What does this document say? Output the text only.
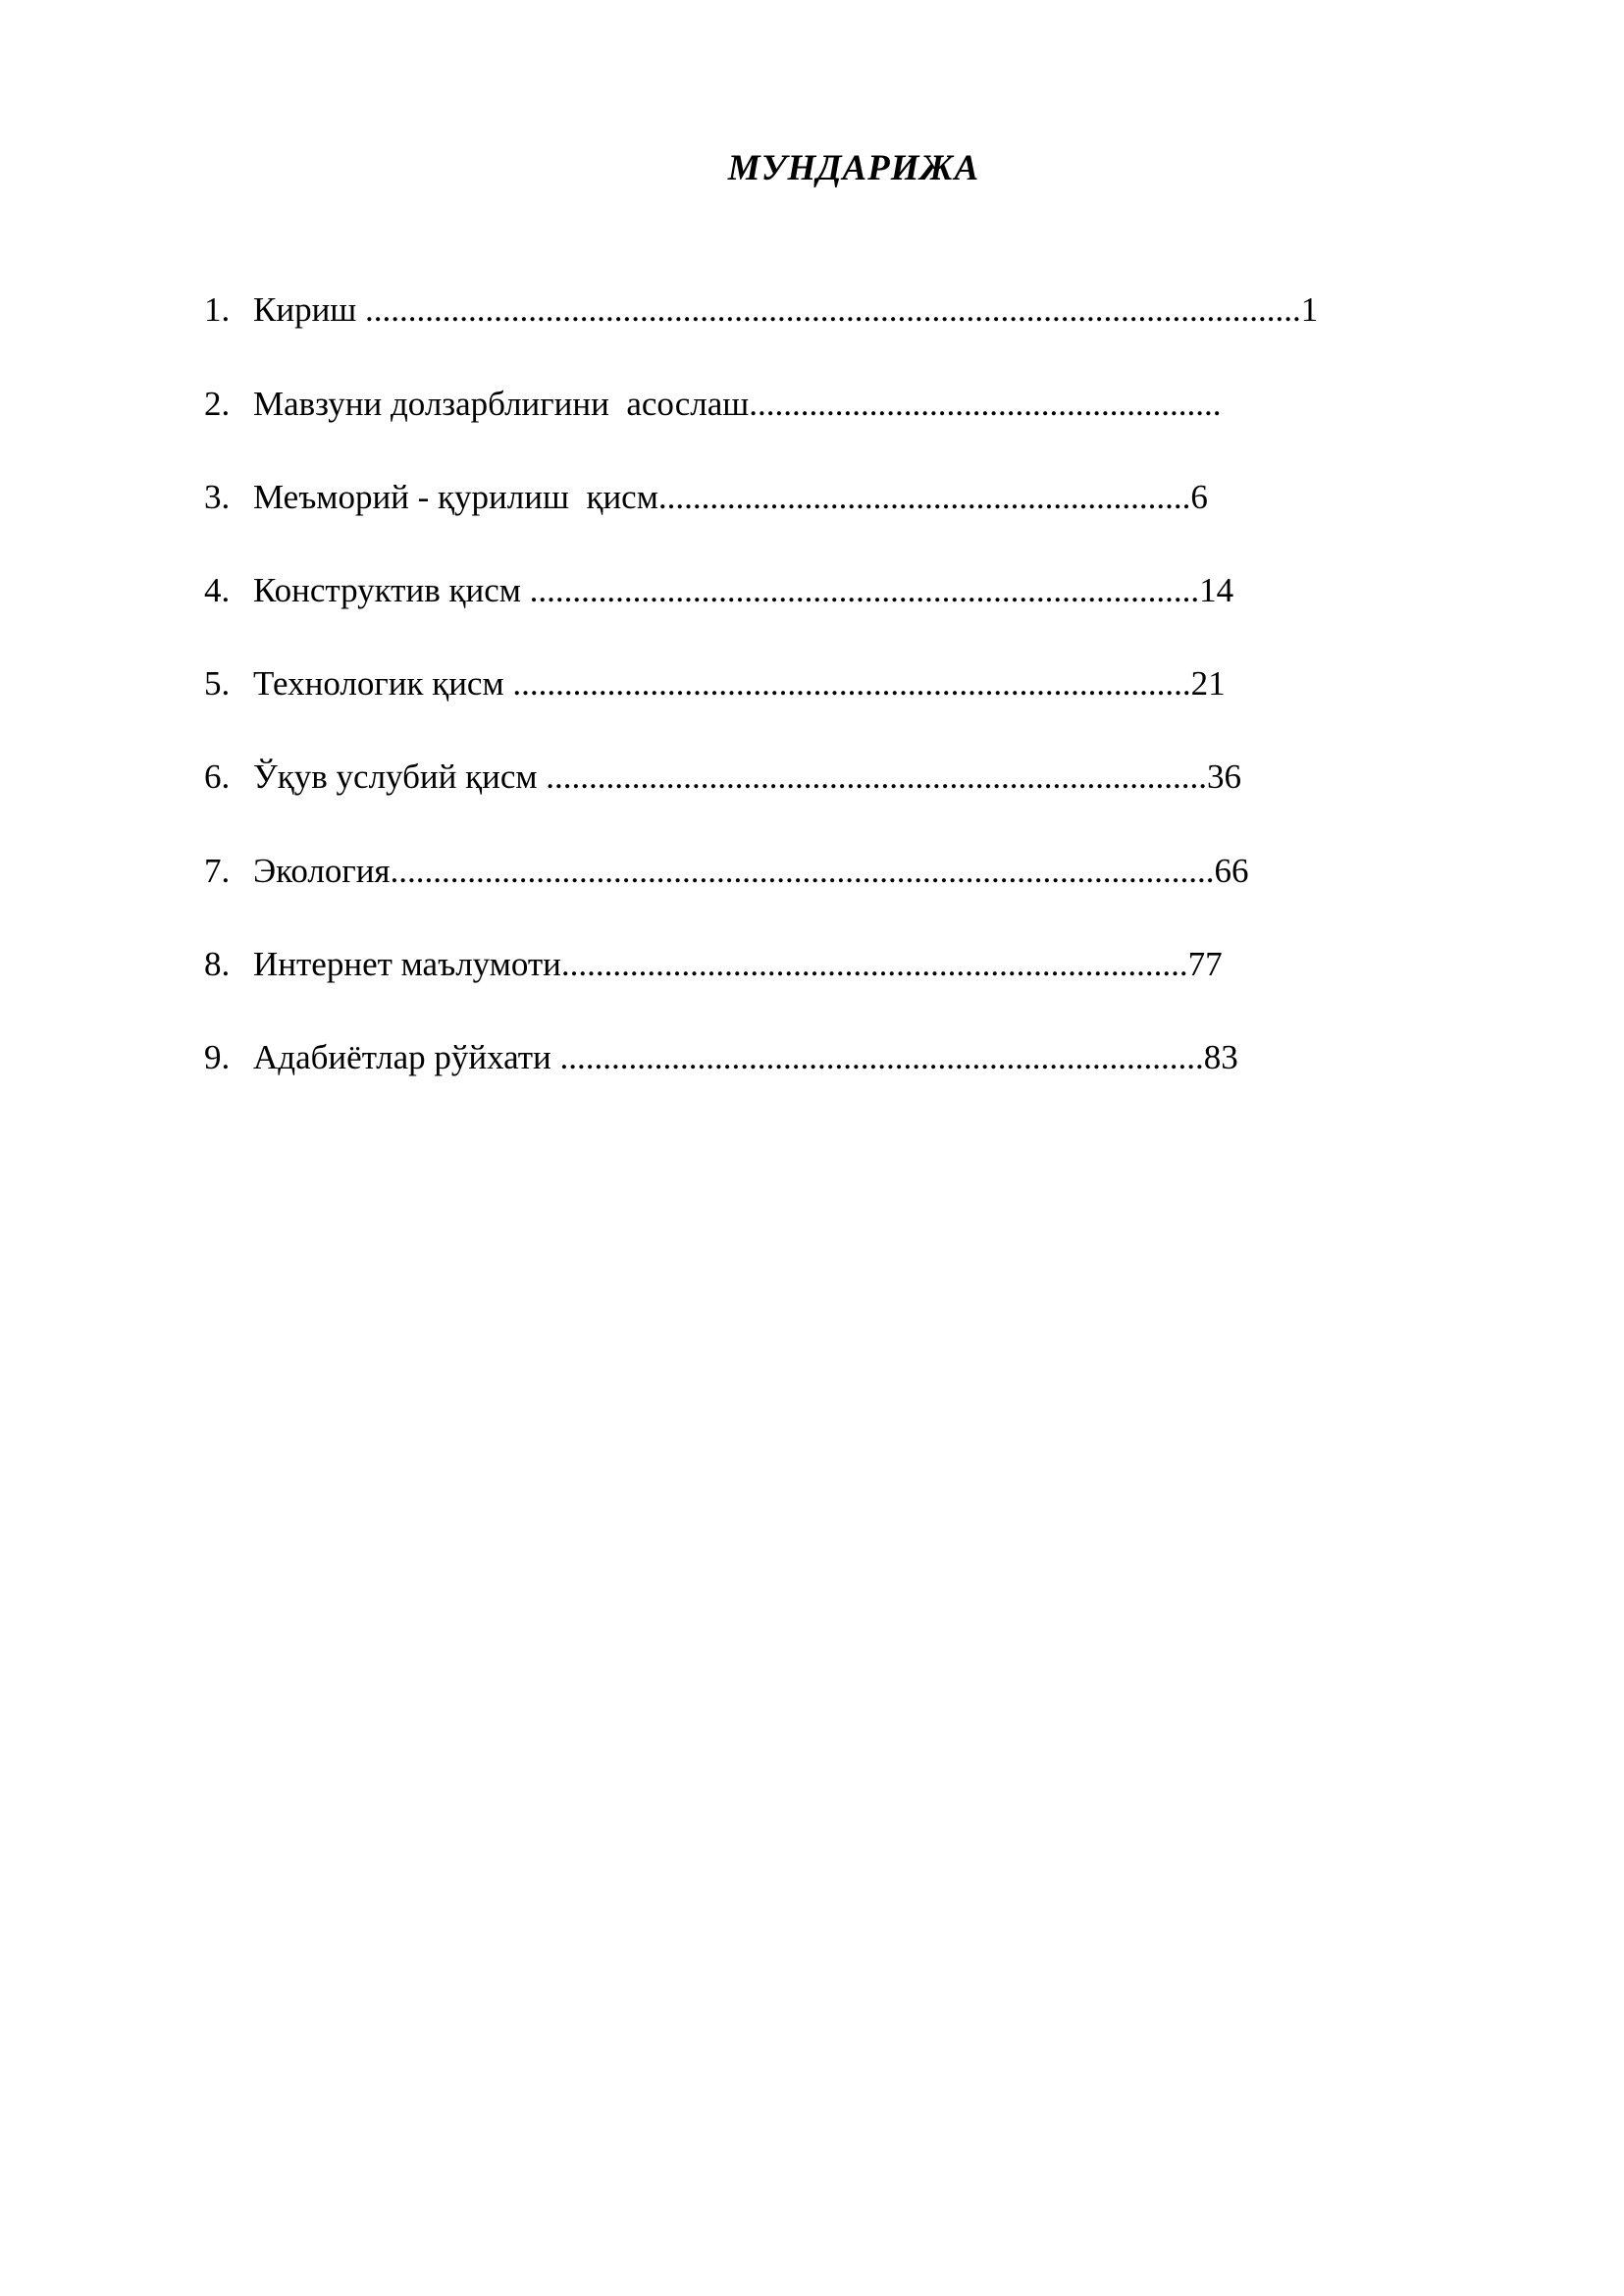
МУНДАРИЖА
1. Кириш .............................................................................................................1
2. Мавзуни долзарблигини  асослаш.......................................................
3. Меъморий - қурилиш  қисм..............................................................6
4. Конструктив қисм ..............................................................................14
5. Технологик қисм ...............................................................................21
6. Ўқув услубий қисм .............................................................................36
7. Экология................................................................................................66
8. Интернет маълумоти.........................................................................77
9. Адабиётлар рўйхати ...........................................................................83
